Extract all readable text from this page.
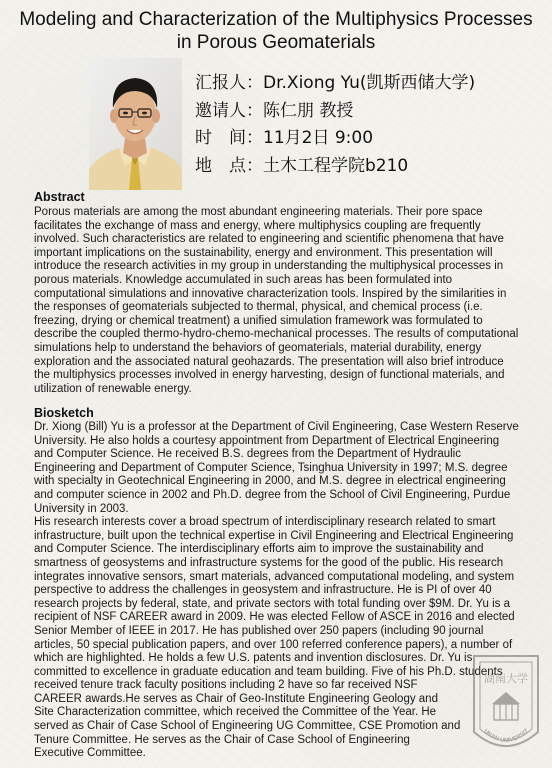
Modeling and Characterization of the Multiphysics Processes
in Porous Geomaterials
汇报人：Dr.Xiong Yu(凯斯西储大学)
邀请人：陈仁朋 教授
时　间：11月2日 9:00
地　点：土木工程学院b210
Abstract
Porous materials are among the most abundant engineering materials. Their pore space
facilitates the exchange of mass and energy, where multiphysics coupling are frequently
involved. Such characteristics are related to engineering and scientific phenomena that have
important implications on the sustainability, energy and environment. This presentation will
introduce the research activities in my group in understanding the multiphysical processes in
porous materials. Knowledge accumulated in such areas has been formulated into
computational simulations and innovative characterization tools. Inspired by the similarities in
the responses of geomaterials subjected to thermal, physical, and chemical process (i.e.
freezing, drying or chemical treatment) a unified simulation framework was formulated to
describe the coupled thermo-hydro-chemo-mechanical processes. The results of computational
simulations help to understand the behaviors of geomaterials, material durability, energy
exploration and the associated natural geohazards. The presentation will also brief introduce
the multiphysics processes involved in energy harvesting, design of functional materials, and
utilization of renewable energy.
Biosketch
Dr. Xiong (Bill) Yu is a professor at the Department of Civil Engineering, Case Western Reserve
University. He also holds a courtesy appointment from Department of Electrical Engineering
and Computer Science. He received B.S. degrees from the Department of Hydraulic
Engineering and Department of Computer Science, Tsinghua University in 1997; M.S. degree
with specialty in Geotechnical Engineering in 2000, and M.S. degree in electrical engineering
and computer science in 2002 and Ph.D. degree from the School of Civil Engineering, Purdue
University in 2003.
His research interests cover a broad spectrum of interdisciplinary research related to smart
infrastructure, built upon the technical expertise in Civil Engineering and Electrical Engineering
and Computer Science. The interdisciplinary efforts aim to improve the sustainability and
smartness of geosystems and infrastructure systems for the good of the public. His research
integrates innovative sensors, smart materials, advanced computational modeling, and system
perspective to address the challenges in geosystem and infrastructure. He is PI of over 40
research projects by federal, state, and private sectors with total funding over $9M. Dr. Yu is a
recipient of NSF CAREER award in 2009. He was elected Fellow of ASCE in 2016 and elected
Senior Member of IEEE in 2017. He has published over 250 papers (including 90 journal
articles, 50 special publication papers, and over 100 referred conference papers), a number of
which are highlighted. He holds a few U.S. patents and invention disclosures. Dr. Yu is
committed to excellence in graduate education and team building. Five of his Ph.D. students
received tenure track faculty positions including 2 have so far received NSF
CAREER awards.He serves as Chair of Geo-Institute Engineering Geology and
Site Characterization committee, which received the Committee of the Year. He
served as Chair of Case School of Engineering UG Committee, CSE Promotion and
Tenure Committee. He serves as the Chair of Case School of Engineering
Executive Committee.
湖南大学
UNAN UNIVERSIT
